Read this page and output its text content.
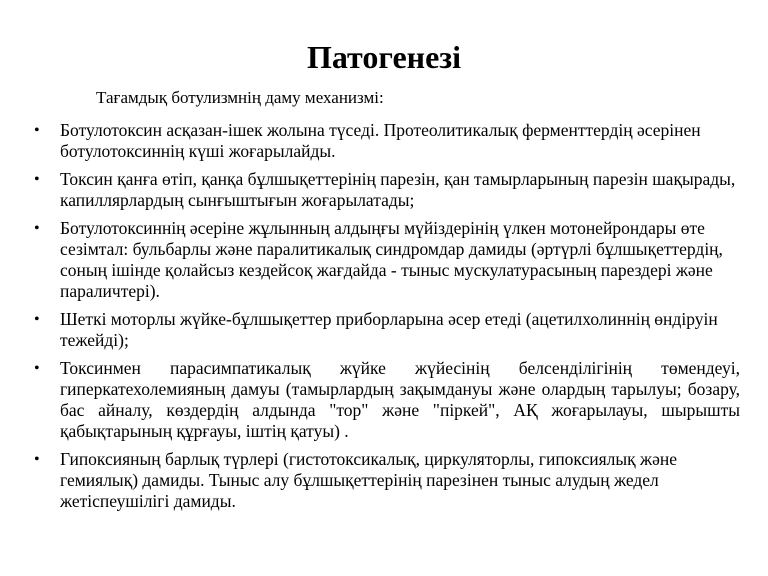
Патогенезі
Тағамдық ботулизмнің даму механизмі:
• Ботулотоксин асқазан-ішек жолына түседі. Протеолитикалық ферменттердің әсерінен ботулотоксиннің күші жоғарылайды.
• Токсин қанға өтіп, қанқа бұлшықеттерінің парезін, қан тамырларының парезін шақырады, капиллярлардың сынғыштығын жоғарылатады;
• Ботулотоксиннің әсеріне жұлынның алдыңғы мүйіздерінің үлкен мотонейрондары өте сезімтал: бульбарлы және паралитикалық синдромдар дамиды (әртүрлі бұлшықеттердің, соның ішінде қолайсыз кездейсоқ жағдайда - тыныс мускулатурасының парездері және параличтері).
• Шеткі моторлы жүйке-бұлшықеттер приборларына әсер етеді (ацетилхолиннің өндіруін тежейді);
• Токсинмен парасимпатикалық жүйке жүйесінің белсенділігінің төмендеуі, гиперкатехолемияның дамуы (тамырлардың зақымдануы және олардың тарылуы; бозару, бас айналу, көздердің алдында "тор" және "піркей", АҚ жоғарылауы, шырышты қабықтарының құрғауы, іштің қатуы) .
• Гипоксияның барлық түрлері (гистотоксикалық, циркуляторлы, гипоксиялық және гемиялық) дамиды. Тыныс алу бұлшықеттерінің парезінен тыныс алудың жедел жетіспеушілігі дамиды.
